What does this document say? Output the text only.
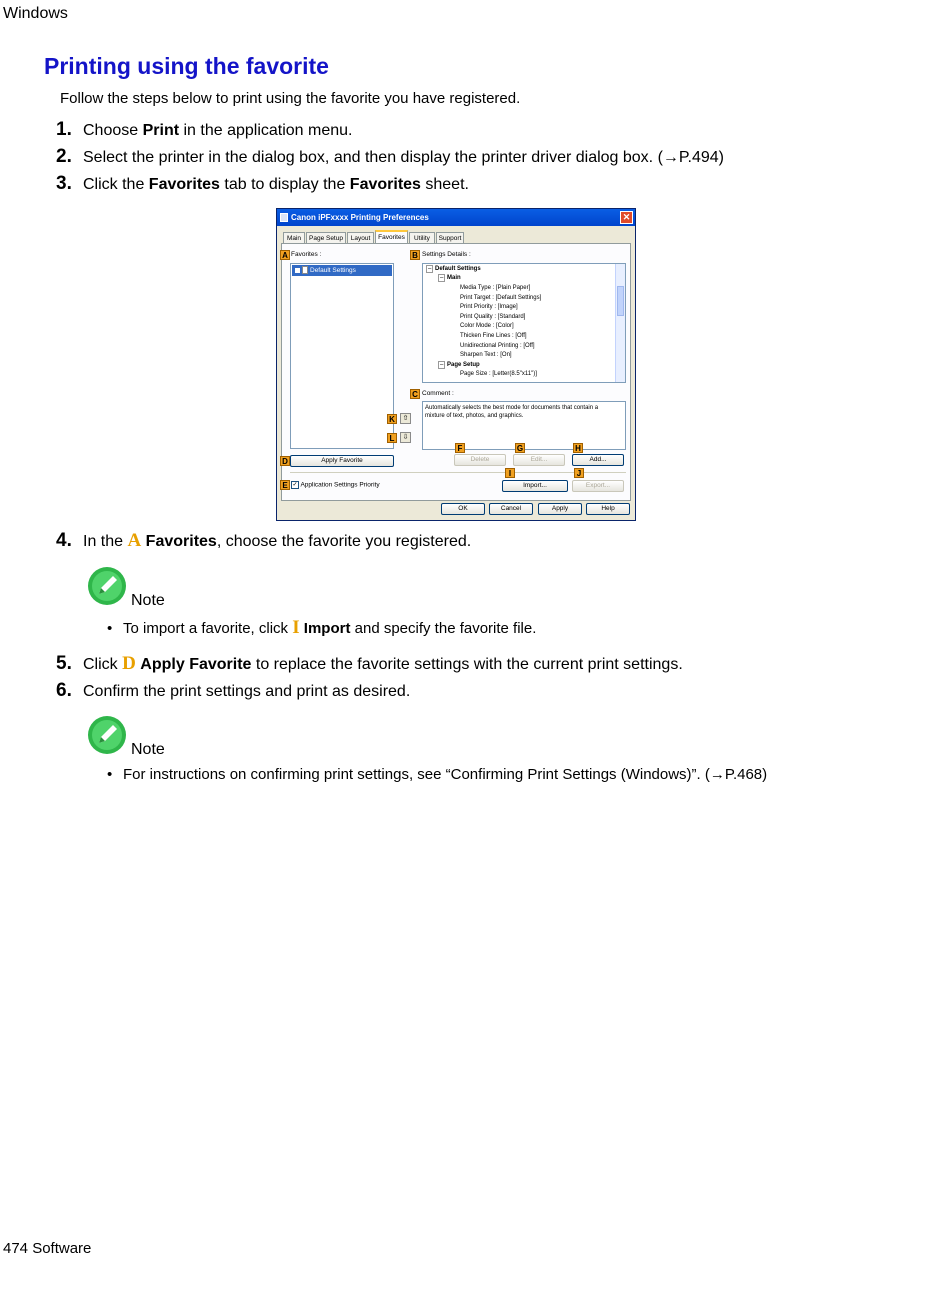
Windows
Printing using the favorite
Follow the steps below to print using the favorite you have registered.
1. Choose Print in the application menu.
2. Select the printer in the dialog box, and then display the printer driver dialog box. (→P.494)
3. Click the Favorites tab to display the Favorites sheet.
Canon iPFxxxx Printing Preferences	✕
Main	Page Setup	Layout	Favorites	Utility	Support
A Favorites :
Default Settings
K	⇧
L	⇩
B Settings Details :
– Default Settings
– Main
Media Type : [Plain Paper]
Print Target : [Default Settings]
Print Priority : [Image]
Print Quality : [Standard]
Color Mode : [Color]
Thicken Fine Lines : [Off]
Unidirectional Printing : [Off]
Sharpen Text : [On]
– Page Setup
Page Size : [Letter(8.5"x11")]
C Comment :
Automatically selects the best mode for documents that contain a mixture of text, photos, and graphics.
D	Apply Favorite
F	G	H
Delete	Edit...	Add...
E ✓ Application Settings Priority
I	J
Import...	Export...
OK	Cancel	Apply	Help
4. In the A Favorites, choose the favorite you registered.
Note
• To import a favorite, click I Import and specify the favorite file.
5. Click D Apply Favorite to replace the favorite settings with the current print settings.
6. Confirm the print settings and print as desired.
Note
• For instructions on confirming print settings, see “Confirming Print Settings (Windows)”. (→P.468)
474 Software
